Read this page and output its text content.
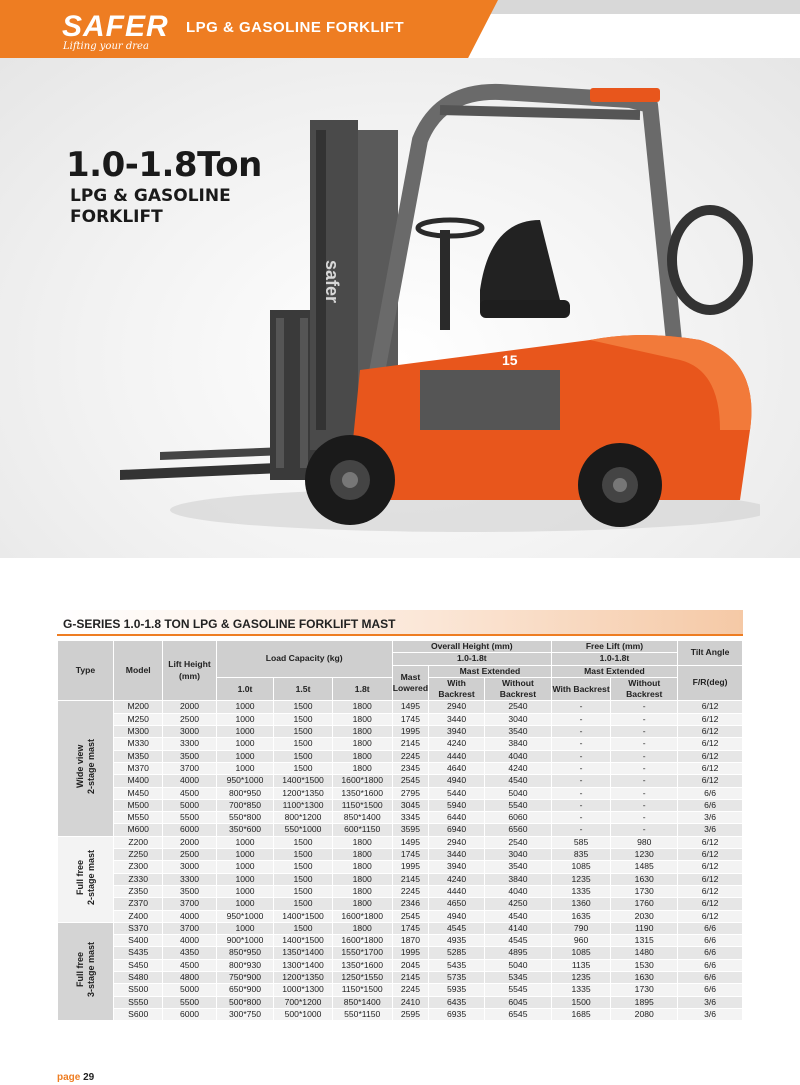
SAFER
Lifting your drea
LPG & GASOLINE FORKLIFT
1.0-1.8Ton
LPG & GASOLINE
FORKLIFT
safer
15
G-SERIES 1.0-1.8 TON LPG & GASOLINE FORKLIFT MAST
Type	Model	Lift Height (mm)	Load Capacity (kg)			Overall Height (mm)			Free Lift (mm)		Tilt Angle
						1.0-1.8t			1.0-1.8t		
						Mast Lowered	Mast Extended		Mast Extended		F/R(deg)
			1.0t	1.5t	1.8t		With Backrest	Without Backrest	With Backrest	Without Backrest	
Wide view
2-stage mast	M200	2000	1000	1500	1800	1495	2940	2540	-	-	6/12
	M250	2500	1000	1500	1800	1745	3440	3040	-	-	6/12
	M300	3000	1000	1500	1800	1995	3940	3540	-	-	6/12
	M330	3300	1000	1500	1800	2145	4240	3840	-	-	6/12
	M350	3500	1000	1500	1800	2245	4440	4040	-	-	6/12
	M370	3700	1000	1500	1800	2345	4640	4240	-	-	6/12
	M400	4000	950*1000	1400*1500	1600*1800	2545	4940	4540	-	-	6/12
	M450	4500	800*950	1200*1350	1350*1600	2795	5440	5040	-	-	6/6
	M500	5000	700*850	1100*1300	1150*1500	3045	5940	5540	-	-	6/6
	M550	5500	550*800	800*1200	850*1400	3345	6440	6060	-	-	3/6
	M600	6000	350*600	550*1000	600*1150	3595	6940	6560	-	-	3/6
Full free
2-stage mast	Z200	2000	1000	1500	1800	1495	2940	2540	585	980	6/12
	Z250	2500	1000	1500	1800	1745	3440	3040	835	1230	6/12
	Z300	3000	1000	1500	1800	1995	3940	3540	1085	1485	6/12
	Z330	3300	1000	1500	1800	2145	4240	3840	1235	1630	6/12
	Z350	3500	1000	1500	1800	2245	4440	4040	1335	1730	6/12
	Z370	3700	1000	1500	1800	2346	4650	4250	1360	1760	6/12
	Z400	4000	950*1000	1400*1500	1600*1800	2545	4940	4540	1635	2030	6/12
Full free
3-stage mast	S370	3700	1000	1500	1800	1745	4545	4140	790	1190	6/6
	S400	4000	900*1000	1400*1500	1600*1800	1870	4935	4545	960	1315	6/6
	S435	4350	850*950	1350*1400	1550*1700	1995	5285	4895	1085	1480	6/6
	S450	4500	800*930	1300*1400	1350*1600	2045	5435	5040	1135	1530	6/6
	S480	4800	750*900	1200*1350	1250*1550	2145	5735	5345	1235	1630	6/6
	S500	5000	650*900	1000*1300	1150*1500	2245	5935	5545	1335	1730	6/6
	S550	5500	500*800	700*1200	850*1400	2410	6435	6045	1500	1895	3/6
	S600	6000	300*750	500*1000	550*1150	2595	6935	6545	1685	2080	3/6
page 29
